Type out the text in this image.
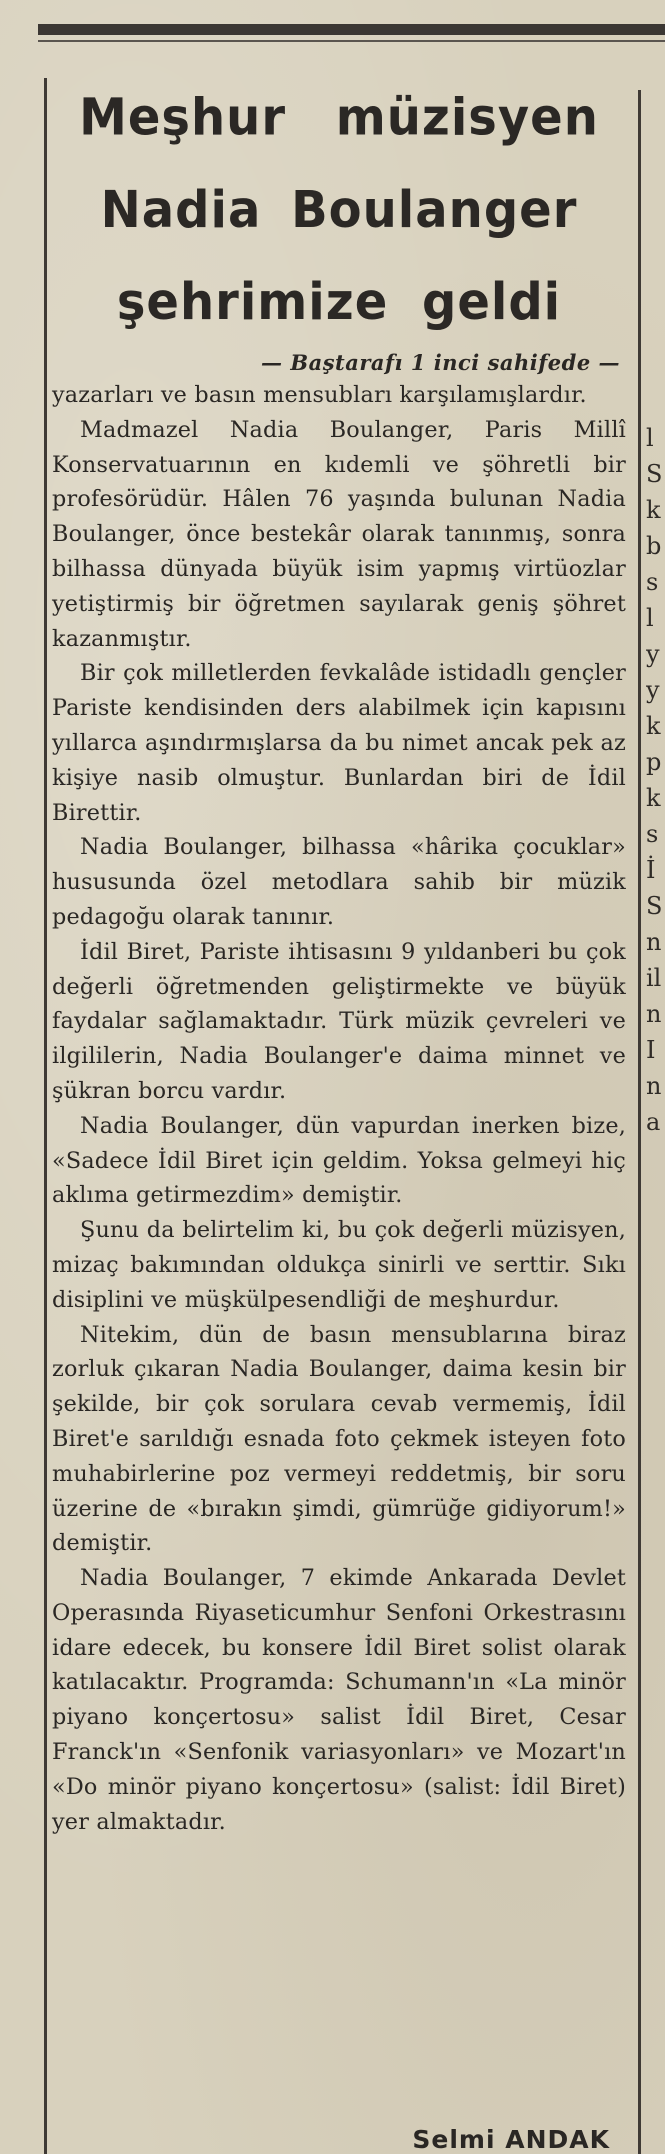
Meşhur müzisyen
Nadia Boulanger
şehrimize geldi
— Baştarafı 1 inci sahifede —

yazarları ve basın mensubları karşılamışlardır.

Madmazel Nadia Boulanger, Paris Millî Konservatuarının en kıdemli ve şöhretli bir profesörüdür. Hâlen 76 yaşında bulunan Nadia Boulanger, önce bestekâr olarak tanınmış, sonra bilhassa dünyada büyük isim yapmış virtüozlar yetiştirmiş bir öğretmen sayılarak geniş şöhret kazanmıştır.

Bir çok milletlerden fevkalâde istidadlı gençler Pariste kendisinden ders alabilmek için kapısını yıllarca aşındırmışlarsa da bu nimet ancak pek az kişiye nasib olmuştur. Bunlardan biri de İdil Birettir.

Nadia Boulanger, bilhassa «hârika çocuklar» hususunda özel metodlara sahib bir müzik pedagoğu olarak tanınır.

İdil Biret, Pariste ihtisasını 9 yıldanberi bu çok değerli öğretmenden geliştirmekte ve büyük faydalar sağlamaktadır. Türk müzik çevreleri ve ilgililerin, Nadia Boulanger'e daima minnet ve şükran borcu vardır.

Nadia Boulanger, dün vapurdan inerken bize, «Sadece İdil Biret için geldim. Yoksa gelmeyi hiç aklıma getirmezdim» demiştir.

Şunu da belirtelim ki, bu çok değerli müzisyen, mizaç bakımından oldukça sinirli ve serttir. Sıkı disiplini ve müşkülpesendliği de meşhurdur.

Nitekim, dün de basın mensublarına biraz zorluk çıkaran Nadia Boulanger, daima kesin bir şekilde, bir çok sorulara cevab vermemiş, İdil Biret'e sarıldığı esnada foto çekmek isteyen foto muhabirlerine poz vermeyi reddetmiş, bir soru üzerine de «bırakın şimdi, gümrüğe gidiyorum!» demiştir.

Nadia Boulanger, 7 ekimde Ankarada Devlet Operasında Riyaseticumhur Senfoni Orkestrasını idare edecek, bu konsere İdil Biret solist olarak katılacaktır. Programda: Schumann'ın «La minör piyano konçertosu» salist İdil Biret, Cesar Franck'ın «Senfonik variasyonları» ve Mozart'ın «Do minör piyano konçertosu» (salist: İdil Biret) yer almaktadır.

Selmi ANDAK
l
S
k
b
s
l
y
y
k
p
k
s
İ
S
n
il
n
I
n
a
